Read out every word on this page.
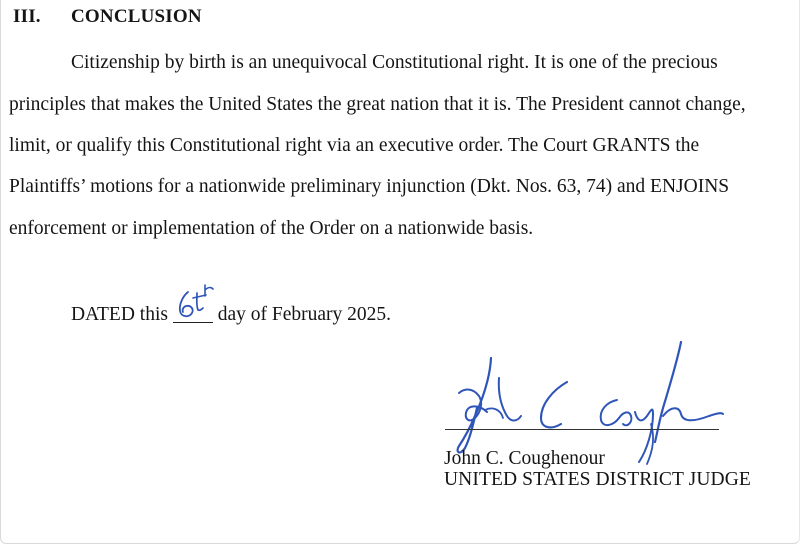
III. CONCLUSION
Citizenship by birth is an unequivocal Constitutional right. It is one of the precious
principles that makes the United States the great nation that it is. The President cannot change,
limit, or qualify this Constitutional right via an executive order. The Court GRANTS the
Plaintiffs’ motions for a nationwide preliminary injunction (Dkt. Nos. 63, 74) and ENJOINS
enforcement or implementation of the Order on a nationwide basis.
DATED this	day of February 2025.
John C. Coughenour
UNITED STATES DISTRICT JUDGE
